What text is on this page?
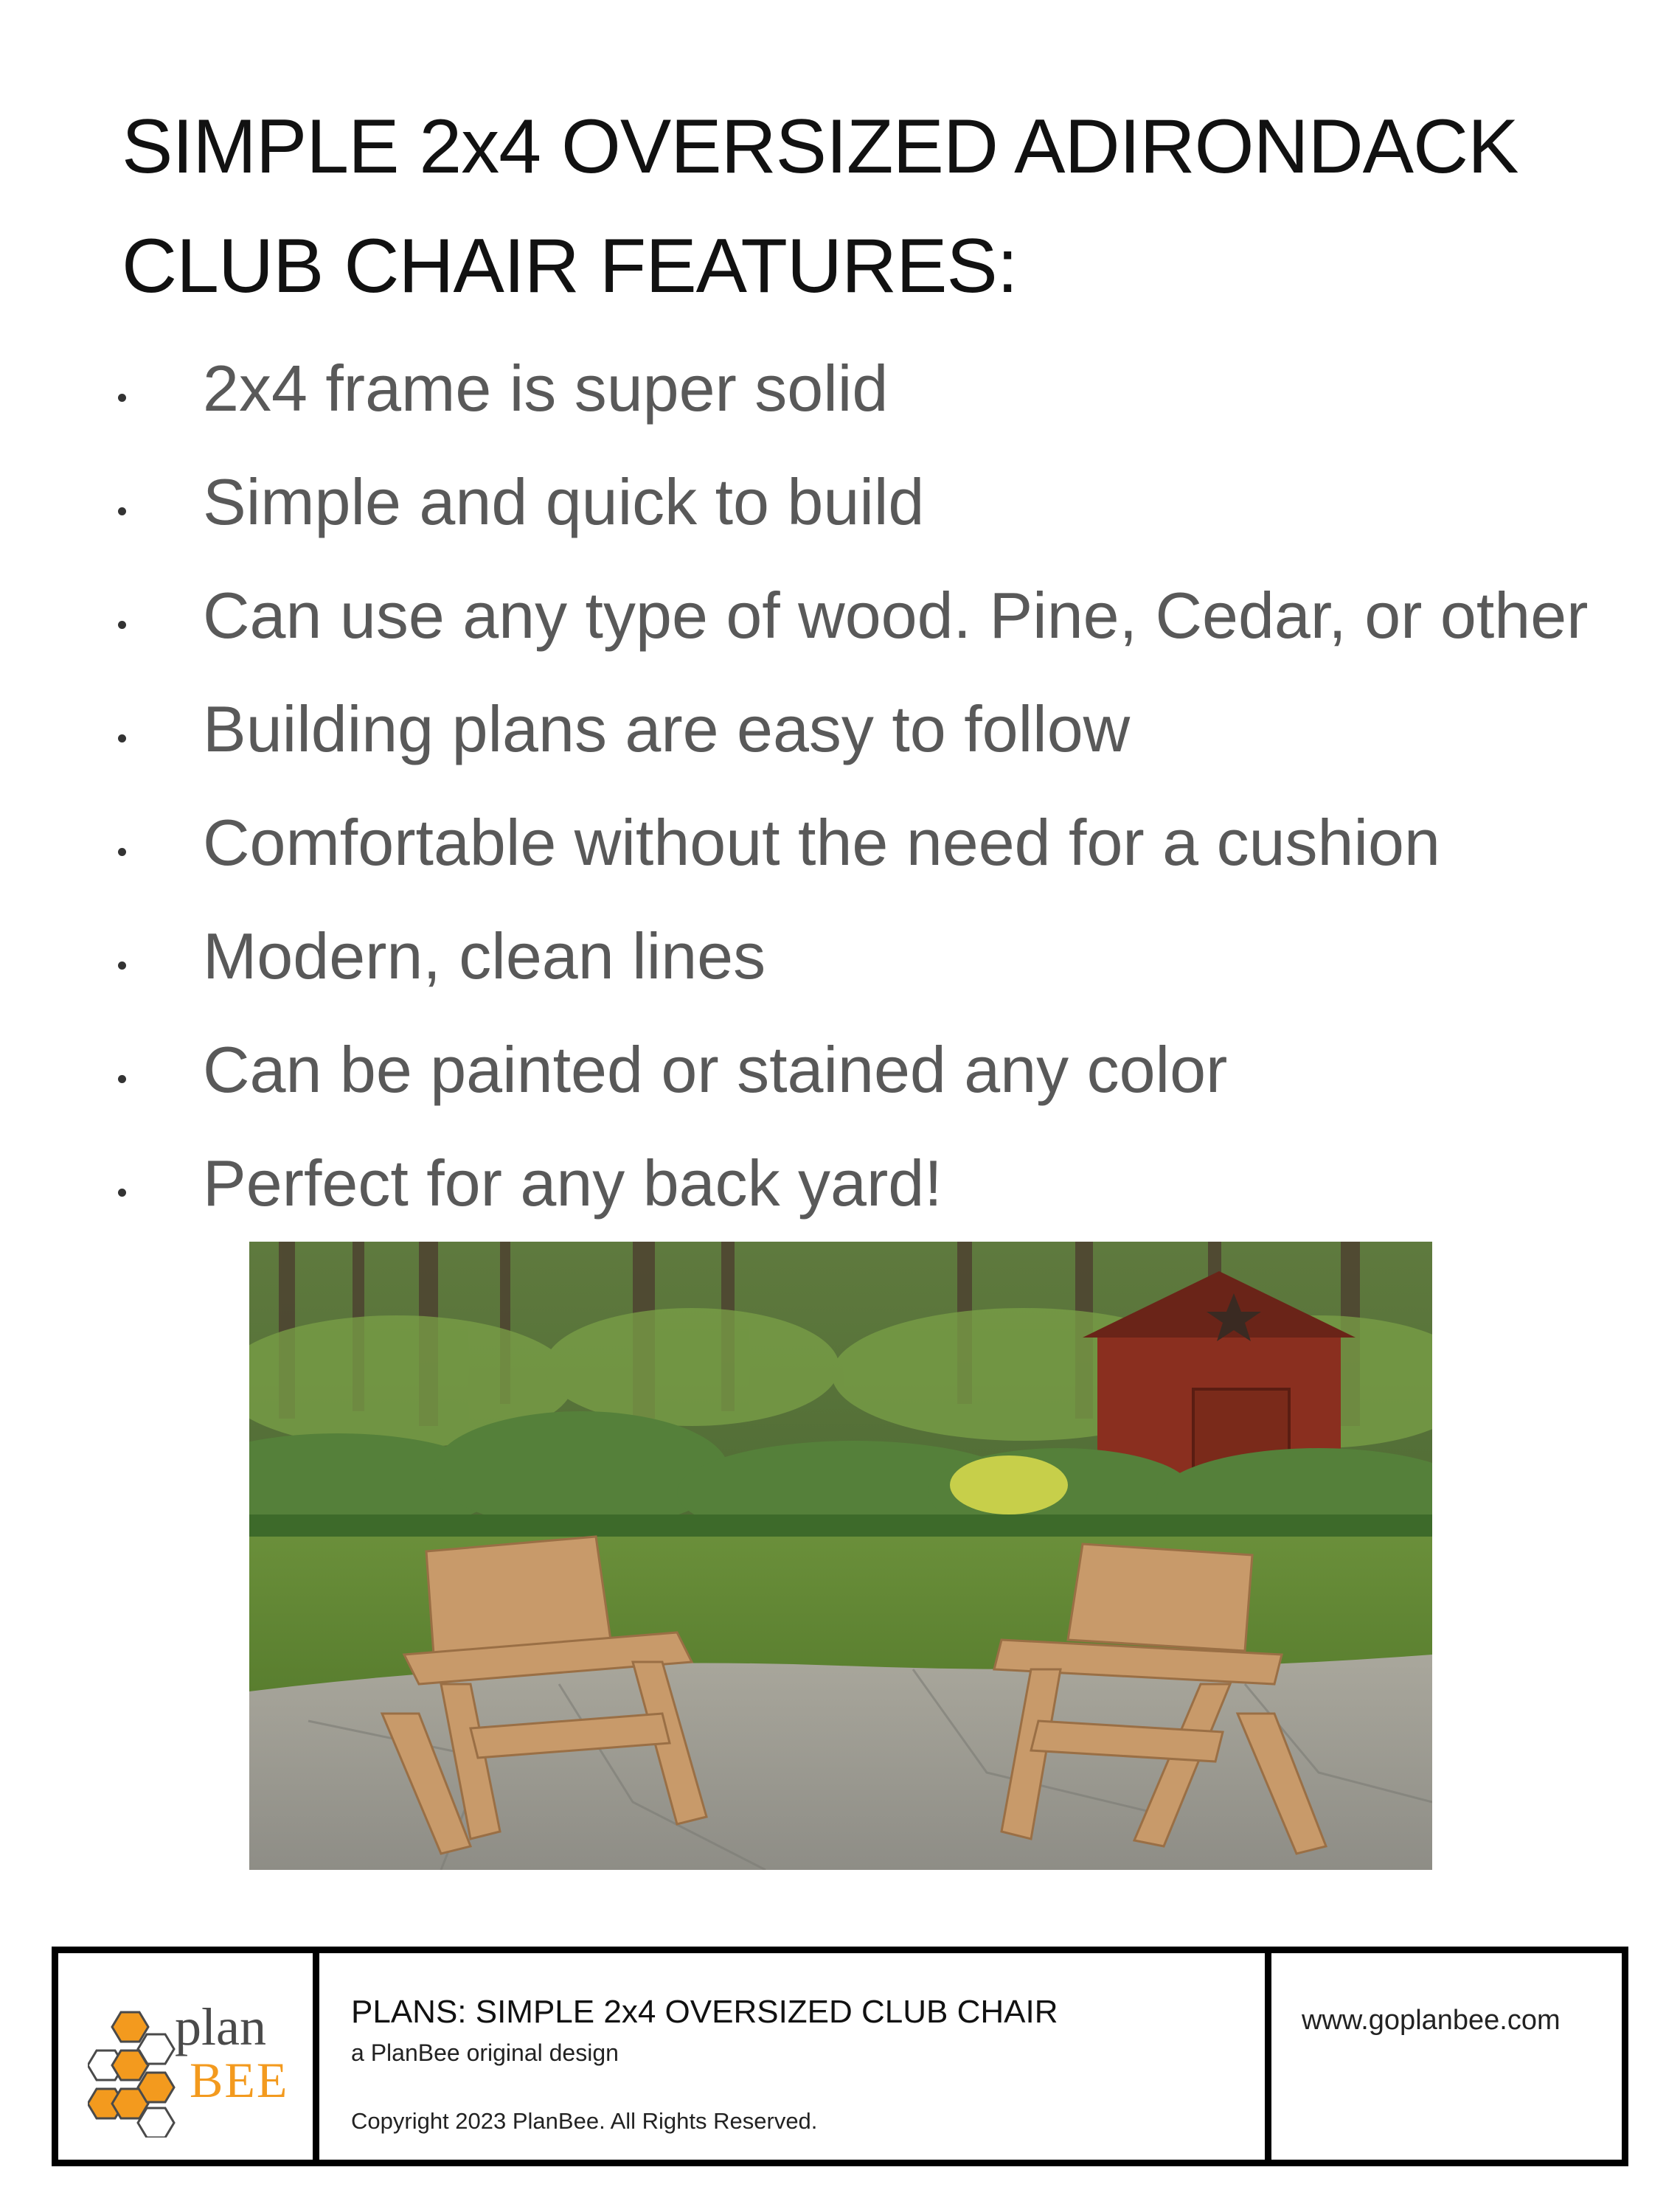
SIMPLE 2x4 OVERSIZED ADIRONDACK
CLUB CHAIR FEATURES:
2x4 frame is super solid
Simple and quick to build
Can use any type of wood. Pine, Cedar, or other
Building plans are easy to follow
Comfortable without the need for a cushion
Modern, clean lines
Can be painted or stained any color
Perfect for any back yard!
plan
BEE
PLANS: SIMPLE 2x4 OVERSIZED CLUB CHAIR
a PlanBee original design
Copyright 2023 PlanBee. All Rights Reserved.
www.goplanbee.com
